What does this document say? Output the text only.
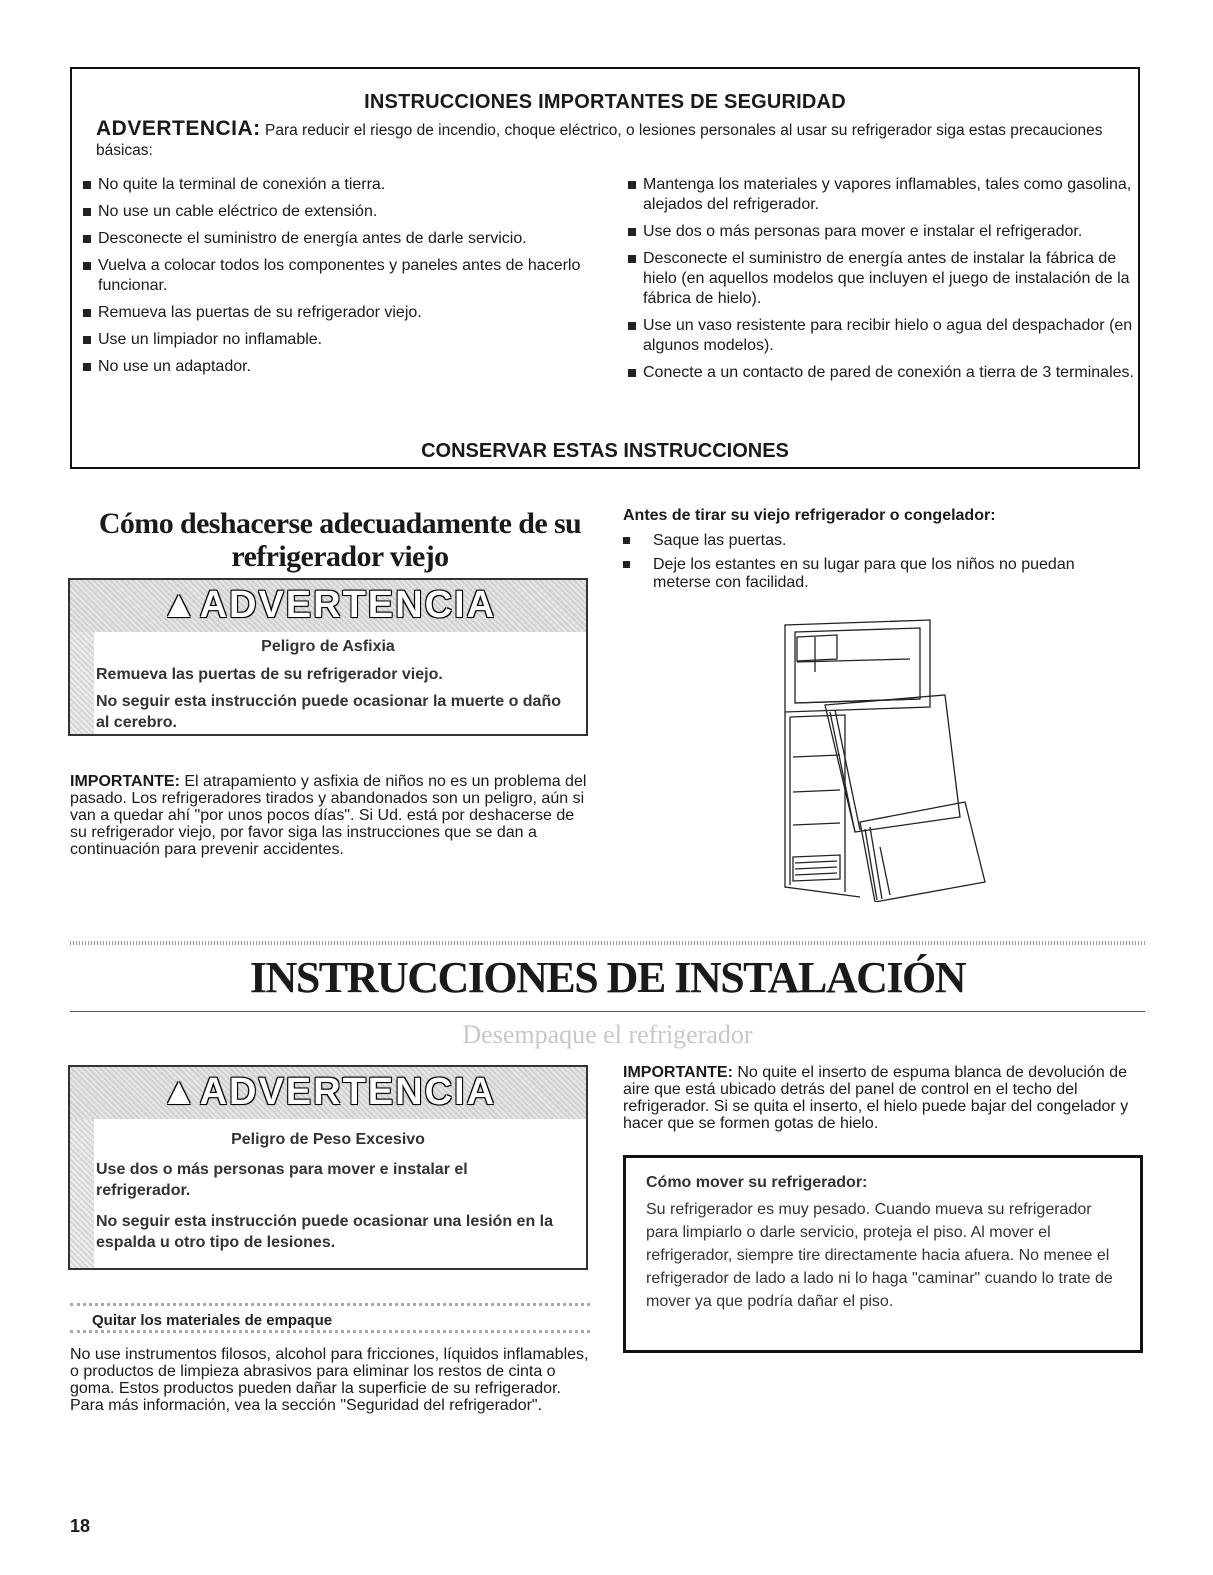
INSTRUCCIONES IMPORTANTES DE SEGURIDAD
ADVERTENCIA: Para reducir el riesgo de incendio, choque eléctrico, o lesiones personales al usar su refrigerador siga estas precauciones básicas:
No quite la terminal de conexión a tierra.
No use un cable eléctrico de extensión.
Desconecte el suministro de energía antes de darle servicio.
Vuelva a colocar todos los componentes y paneles antes de hacerlo funcionar.
Remueva las puertas de su refrigerador viejo.
Use un limpiador no inflamable.
No use un adaptador.
Mantenga los materiales y vapores inflamables, tales como gasolina, alejados del refrigerador.
Use dos o más personas para mover e instalar el refrigerador.
Desconecte el suministro de energía antes de instalar la fábrica de hielo (en aquellos modelos que incluyen el juego de instalación de la fábrica de hielo).
Use un vaso resistente para recibir hielo o agua del despachador (en algunos modelos).
Conecte a un contacto de pared de conexión a tierra de 3 terminales.
CONSERVAR ESTAS INSTRUCCIONES
Cómo deshacerse adecuadamente de su
refrigerador viejo
▲ADVERTENCIA
Peligro de Asfixia
Remueva las puertas de su refrigerador viejo.
No seguir esta instrucción puede ocasionar la muerte o daño al cerebro.
IMPORTANTE: El atrapamiento y asfixia de niños no es un problema del pasado. Los refrigeradores tirados y abandonados son un peligro, aún si van a quedar ahí "por unos pocos días". Si Ud. está por deshacerse de su refrigerador viejo, por favor siga las instrucciones que se dan a continuación para prevenir accidentes.
Antes de tirar su viejo refrigerador o congelador:
Saque las puertas.
Deje los estantes en su lugar para que los niños no puedan meterse con facilidad.
INSTRUCCIONES DE INSTALACIÓN
Desempaque el refrigerador
▲ADVERTENCIA
Peligro de Peso Excesivo
Use dos o más personas para mover e instalar el refrigerador.
No seguir esta instrucción puede ocasionar una lesión en la espalda u otro tipo de lesiones.
Quitar los materiales de empaque
No use instrumentos filosos, alcohol para fricciones, líquidos inflamables, o productos de limpieza abrasivos para eliminar los restos de cinta o goma. Estos productos pueden dañar la superficie de su refrigerador. Para más información, vea la sección "Seguridad del refrigerador".
IMPORTANTE: No quite el inserto de espuma blanca de devolución de aire que está ubicado detrás del panel de control en el techo del refrigerador. Si se quita el inserto, el hielo puede bajar del congelador y hacer que se formen gotas de hielo.
Cómo mover su refrigerador:
Su refrigerador es muy pesado. Cuando mueva su refrigerador para limpiarlo o darle servicio, proteja el piso. Al mover el refrigerador, siempre tire directamente hacia afuera. No menee el refrigerador de lado a lado ni lo haga "caminar" cuando lo trate de mover ya que podría dañar el piso.
18
